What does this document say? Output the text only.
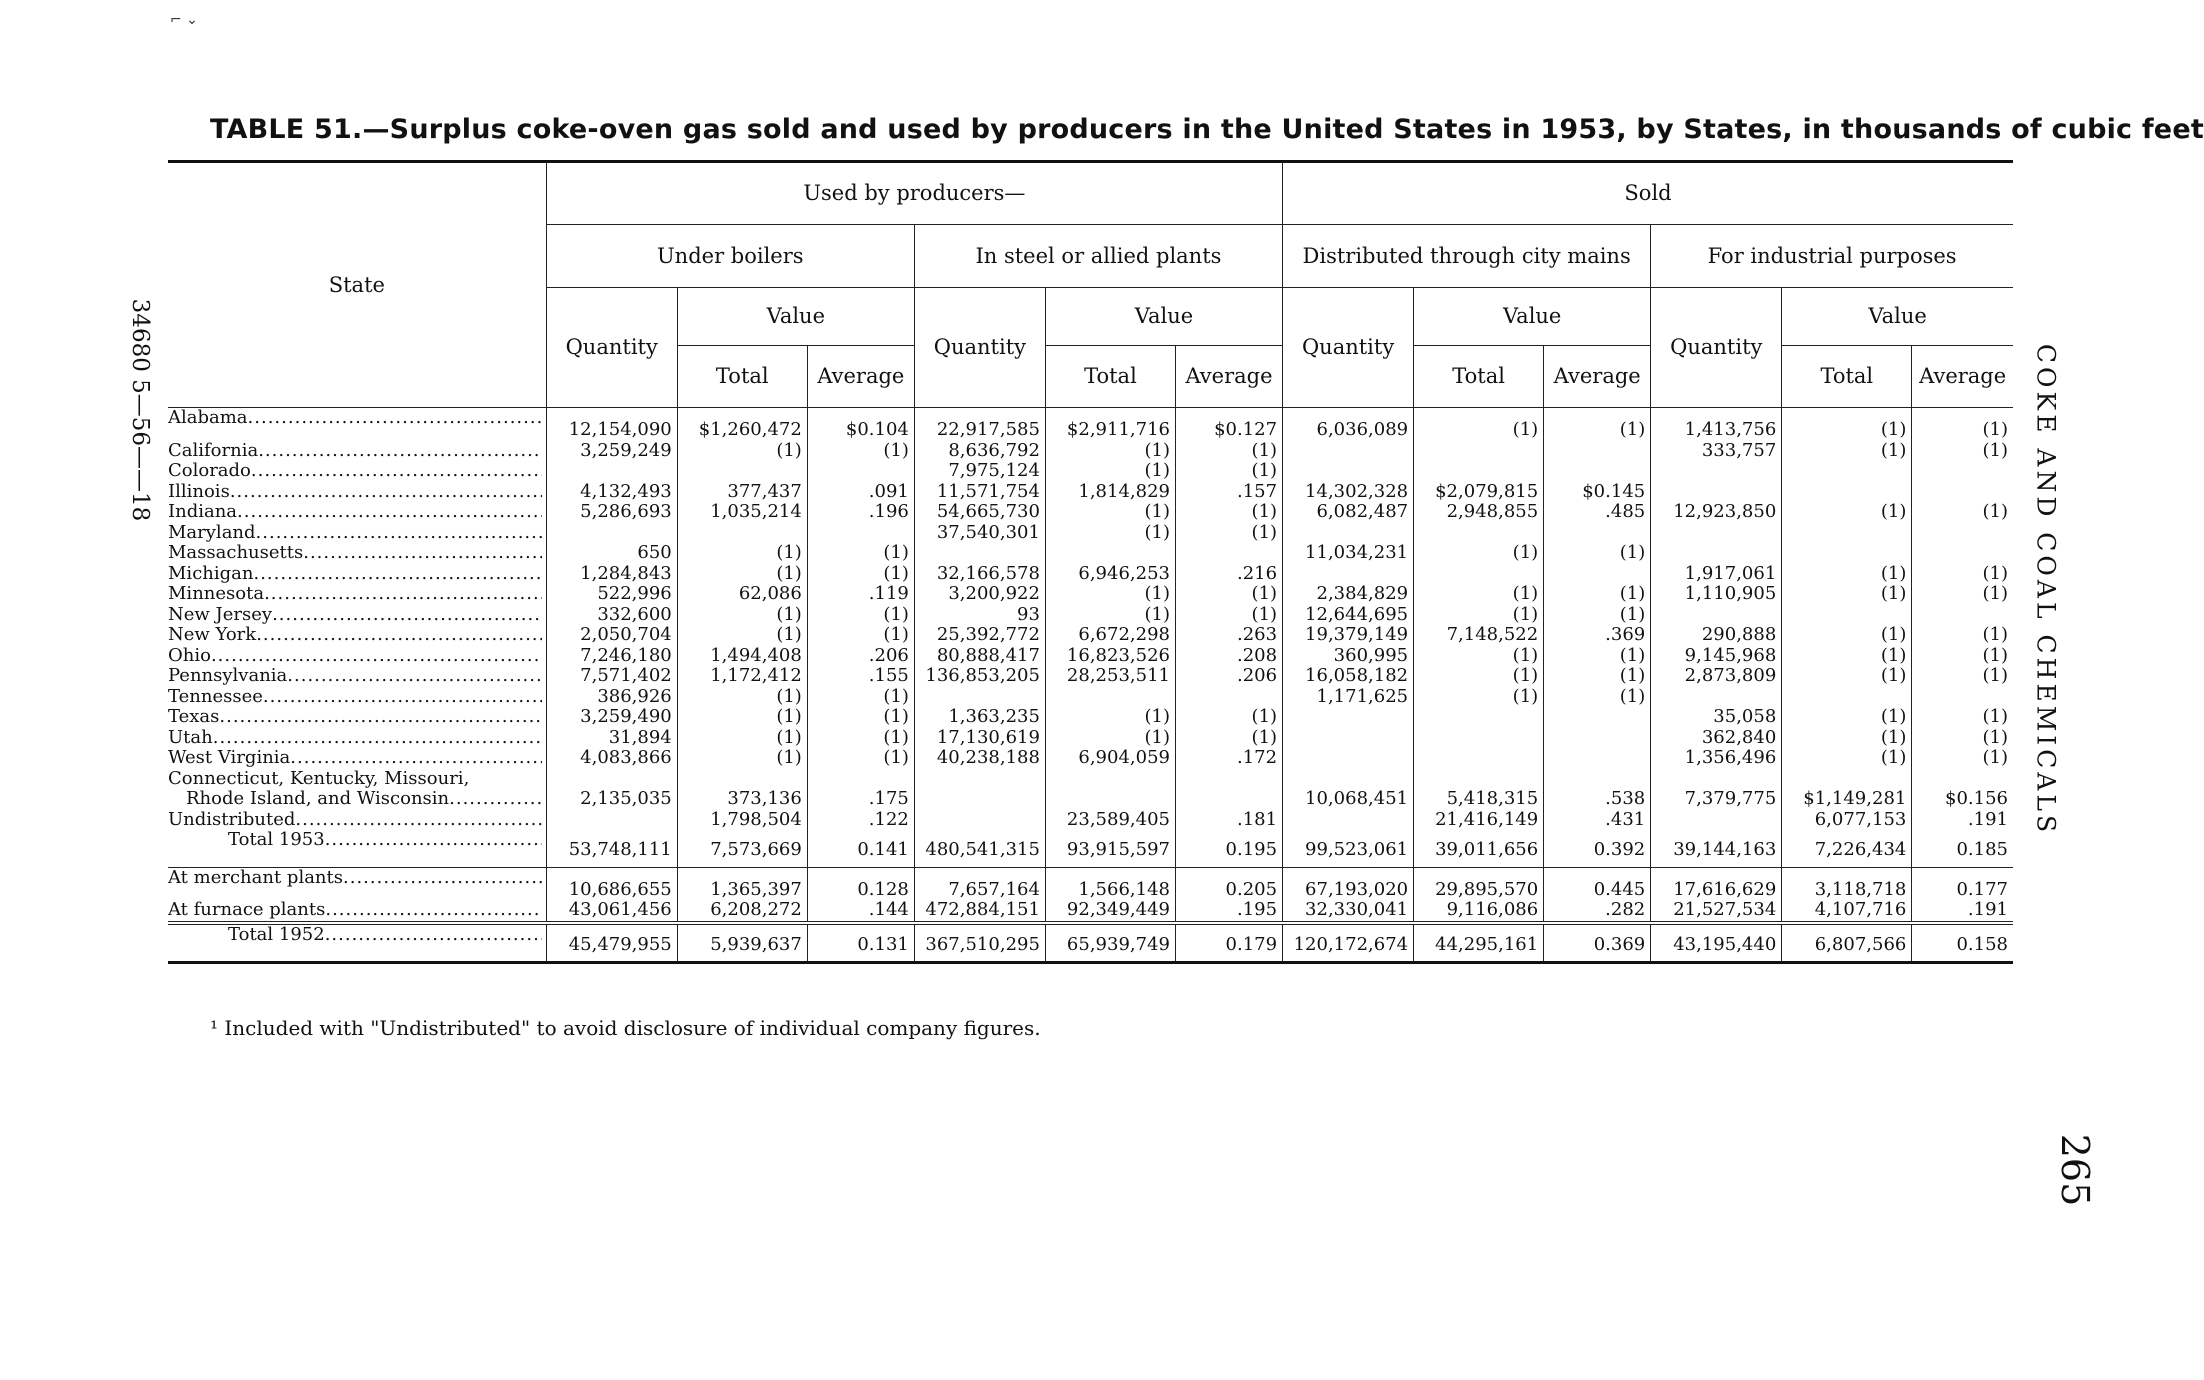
⌐ ⌄
TABLE 51.—Surplus coke-oven gas sold and used by producers in the United States in 1953, by States, in thousands of cubic feet
34680 5—56——18	COKE AND COAL CHEMICALS
265
State	Used by producers—						Sold					
	Under boilers			In steel or allied plants			Distributed through city mains			For industrial purposes		
	Quantity	Value		Quantity	Value		Quantity	Value		Quantity	Value	
		Total	Average		Total	Average		Total	Average		Total	Average

Alabama .....	12,154,090	$1,260,472	$0.104	22,917,585	$2,911,716	$0.127	6,036,089	(1)	(1)	1,413,756	(1)	(1)

California .....	3,259,249	(1)	(1)	8,636,792	(1)	(1)				333,757	(1)	(1)

Colorado .....				7,975,124	(1)	(1)						

Illinois .....	4,132,493	377,437	.091	11,571,754	1,814,829	.157	14,302,328	$2,079,815	$0.145			

Indiana .....	5,286,693	1,035,214	.196	54,665,730	(1)	(1)	6,082,487	2,948,855	.485	12,923,850	(1)	(1)

Maryland .....				37,540,301	(1)	(1)						

Massachusetts .....	650	(1)	(1)				11,034,231	(1)	(1)			

Michigan .....	1,284,843	(1)	(1)	32,166,578	6,946,253	.216				1,917,061	(1)	(1)

Minnesota .....	522,996	62,086	.119	3,200,922	(1)	(1)	2,384,829	(1)	(1)	1,110,905	(1)	(1)

New Jersey .....	332,600	(1)	(1)	93	(1)	(1)	12,644,695	(1)	(1)			

New York .....	2,050,704	(1)	(1)	25,392,772	6,672,298	.263	19,379,149	7,148,522	.369	290,888	(1)	(1)

Ohio .....	7,246,180	1,494,408	.206	80,888,417	16,823,526	.208	360,995	(1)	(1)	9,145,968	(1)	(1)

Pennsylvania .....	7,571,402	1,172,412	.155	136,853,205	28,253,511	.206	16,058,182	(1)	(1)	2,873,809	(1)	(1)

Tennessee .....	386,926	(1)	(1)				1,171,625	(1)	(1)			

Texas .....	3,259,490	(1)	(1)	1,363,235	(1)	(1)				35,058	(1)	(1)

Utah .....	31,894	(1)	(1)	17,130,619	(1)	(1)				362,840	(1)	(1)

West Virginia .....	4,083,866	(1)	(1)	40,238,188	6,904,059	.172				1,356,496	(1)	(1)

Connecticut, Kentucky, Missouri,
Rhode Island, and Wisconsin .....	2,135,035	373,136	.175				10,068,451	5,418,315	.538	7,379,775	$1,149,281	$0.156

Undistributed .....		1,798,504	.122		23,589,405	.181		21,416,149	.431		6,077,153	.191

Total 1953 .....	53,748,111	7,573,669	0.141	480,541,315	93,915,597	0.195	99,523,061	39,011,656	0.392	39,144,163	7,226,434	0.185

At merchant plants .....	10,686,655	1,365,397	0.128	7,657,164	1,566,148	0.205	67,193,020	29,895,570	0.445	17,616,629	3,118,718	0.177

At furnace plants .....	43,061,456	6,208,272	.144	472,884,151	92,349,449	.195	32,330,041	9,116,086	.282	21,527,534	4,107,716	.191

Total 1952 .....	45,479,955	5,939,637	0.131	367,510,295	65,939,749	0.179	120,172,674	44,295,161	0.369	43,195,440	6,807,566	0.158
¹ Included with "Undistributed" to avoid disclosure of individual company figures.
